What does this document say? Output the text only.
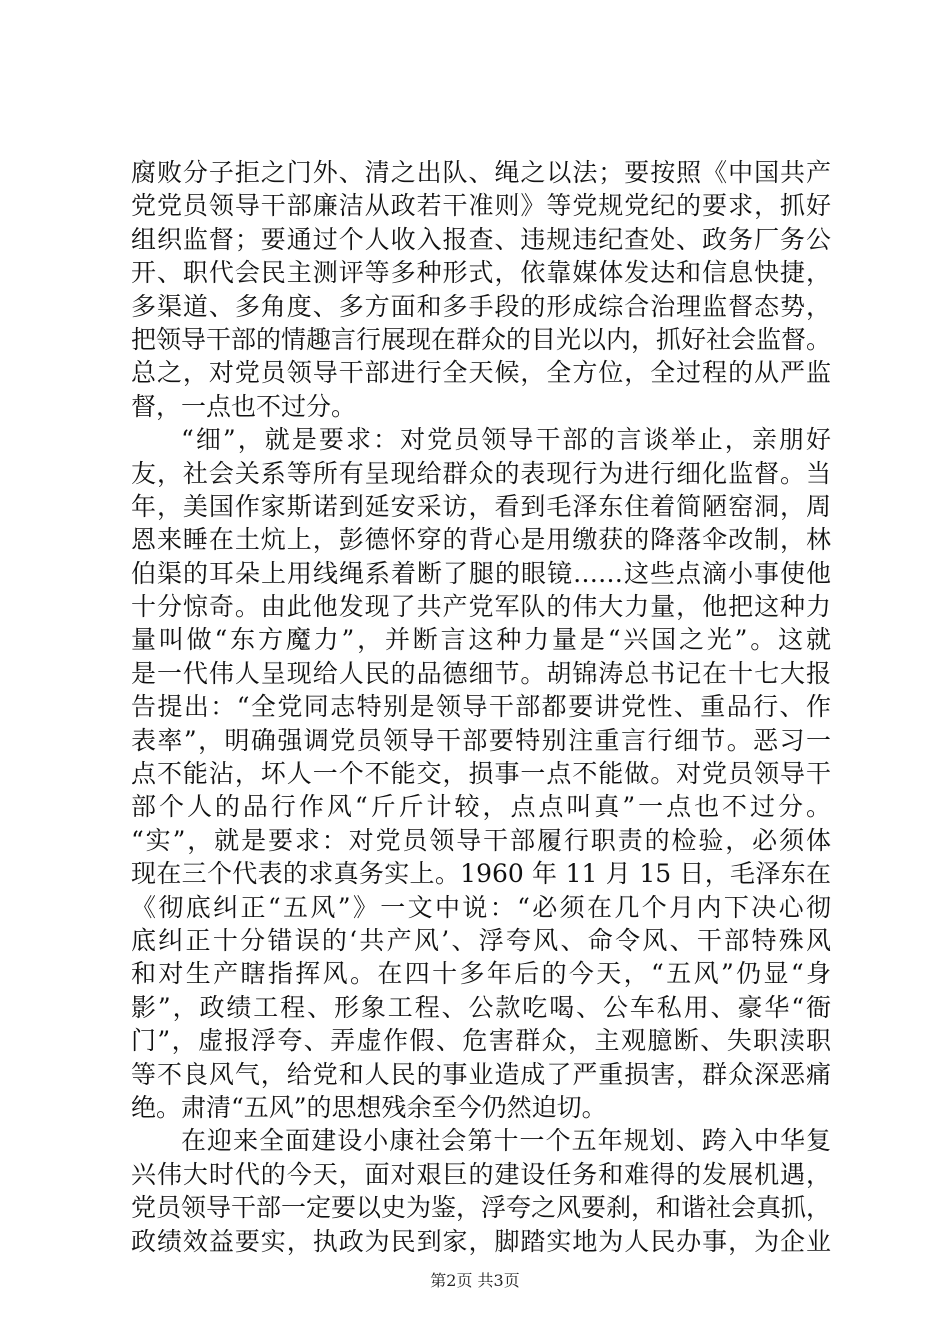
腐败分子拒之门外、清之出队、绳之以法；要按照《中国共产
党党员领导干部廉洁从政若干准则》等党规党纪的要求，抓好
组织监督；要通过个人收入报查、违规违纪查处、政务厂务公
开、职代会民主测评等多种形式，依靠媒体发达和信息快捷，
多渠道、多角度、多方面和多手段的形成综合治理监督态势，
把领导干部的情趣言行展现在群众的目光以内，抓好社会监督。
总之，对党员领导干部进行全天候，全方位，全过程的从严监
督，一点也不过分。
“细”，就是要求：对党员领导干部的言谈举止，亲朋好
友，社会关系等所有呈现给群众的表现行为进行细化监督。当
年，美国作家斯诺到延安采访，看到毛泽东住着简陋窑洞，周
恩来睡在土炕上，彭德怀穿的背心是用缴获的降落伞改制，林
伯渠的耳朵上用线绳系着断了腿的眼镜……这些点滴小事使他
十分惊奇。由此他发现了共产党军队的伟大力量，他把这种力
量叫做“东方魔力”，并断言这种力量是“兴国之光”。这就
是一代伟人呈现给人民的品德细节。胡锦涛总书记在十七大报
告提出：“全党同志特别是领导干部都要讲党性、重品行、作
表率”，明确强调党员领导干部要特别注重言行细节。恶习一
点不能沾，坏人一个不能交，损事一点不能做。对党员领导干
部个人的品行作风“斤斤计较，点点叫真”一点也不过分。
“实”，就是要求：对党员领导干部履行职责的检验，必须体
现在三个代表的求真务实上。1960 年 11 月 15 日，毛泽东在
《彻底纠正“五风”》一文中说：“必须在几个月内下决心彻
底纠正十分错误的‘共产风’、浮夸风、命令风、干部特殊风
和对生产瞎指挥风。在四十多年后的今天，“五风”仍显“身
影”，政绩工程、形象工程、公款吃喝、公车私用、豪华“衙
门”，虚报浮夸、弄虚作假、危害群众，主观臆断、失职渎职
等不良风气，给党和人民的事业造成了严重损害，群众深恶痛
绝。肃清“五风”的思想残余至今仍然迫切。
在迎来全面建设小康社会第十一个五年规划、跨入中华复
兴伟大时代的今天，面对艰巨的建设任务和难得的发展机遇，
党员领导干部一定要以史为鉴，浮夸之风要刹，和谐社会真抓，
政绩效益要实，执政为民到家，脚踏实地为人民办事，为企业
第2页 共3页
